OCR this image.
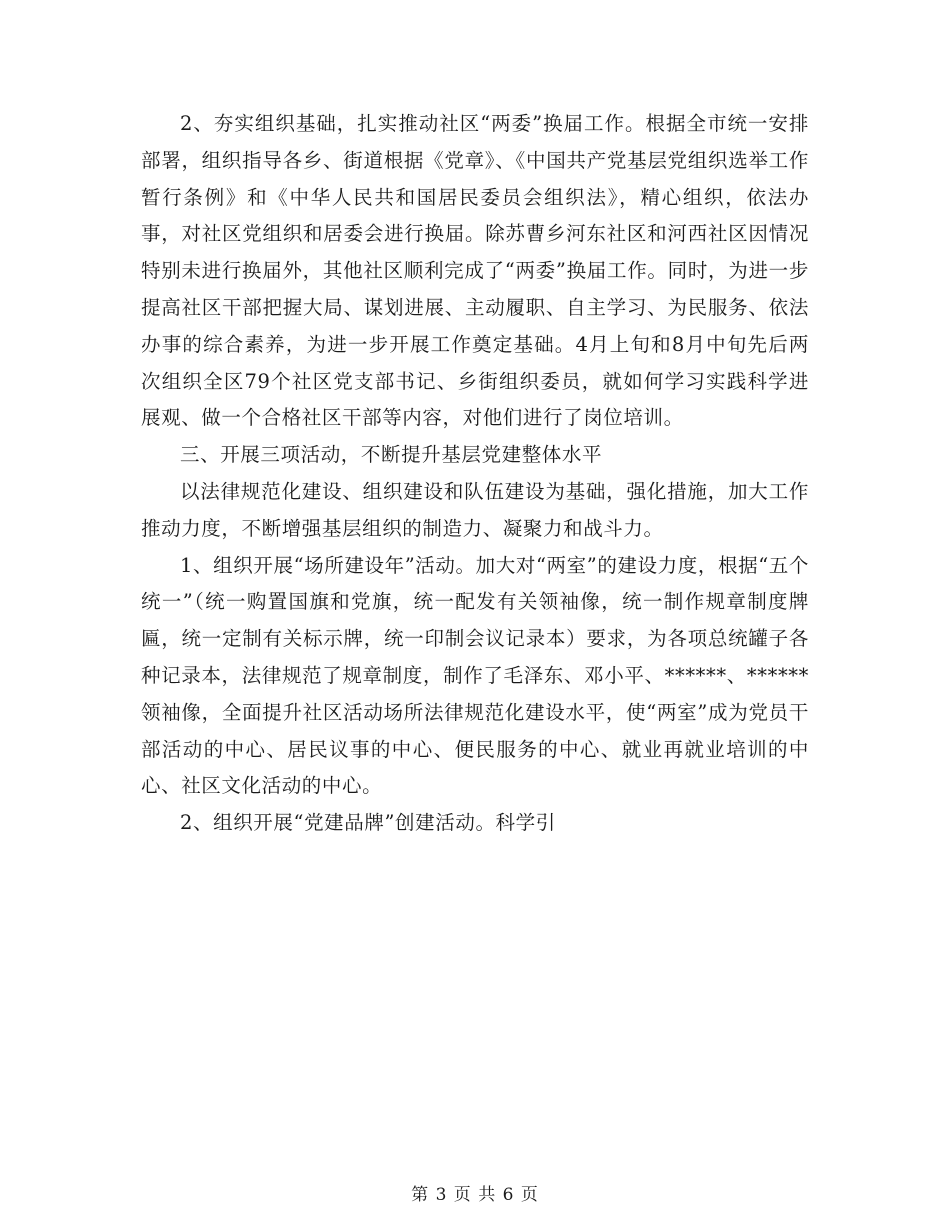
2、夯实组织基础，扎实推动社区“两委”换届工作。根据全市统一安排部署，组织指导各乡、街道根据《党章》、《中国共产党基层党组织选举工作暂行条例》和《中华人民共和国居民委员会组织法》，精心组织，依法办事，对社区党组织和居委会进行换届。除苏曹乡河东社区和河西社区因情况特别未进行换届外，其他社区顺利完成了“两委”换届工作。同时，为进一步提高社区干部把握大局、谋划进展、主动履职、自主学习、为民服务、依法办事的综合素养，为进一步开展工作奠定基础。4月上旬和8月中旬先后两次组织全区79个社区党支部书记、乡街组织委员，就如何学习实践科学进展观、做一个合格社区干部等内容，对他们进行了岗位培训。

三、开展三项活动，不断提升基层党建整体水平

以法律规范化建设、组织建设和队伍建设为基础，强化措施，加大工作推动力度，不断增强基层组织的制造力、凝聚力和战斗力。

1、组织开展“场所建设年”活动。加大对“两室”的建设力度，根据“五个统一”（统一购置国旗和党旗，统一配发有关领袖像，统一制作规章制度牌匾，统一定制有关标示牌，统一印制会议记录本）要求，为各项总统罐子各种记录本，法律规范了规章制度，制作了毛泽东、邓小平、******、******领袖像，全面提升社区活动场所法律规范化建设水平，使“两室”成为党员干部活动的中心、居民议事的中心、便民服务的中心、就业再就业培训的中心、社区文化活动的中心。

2、组织开展“党建品牌”创建活动。科学引

第 3 页 共 6 页
